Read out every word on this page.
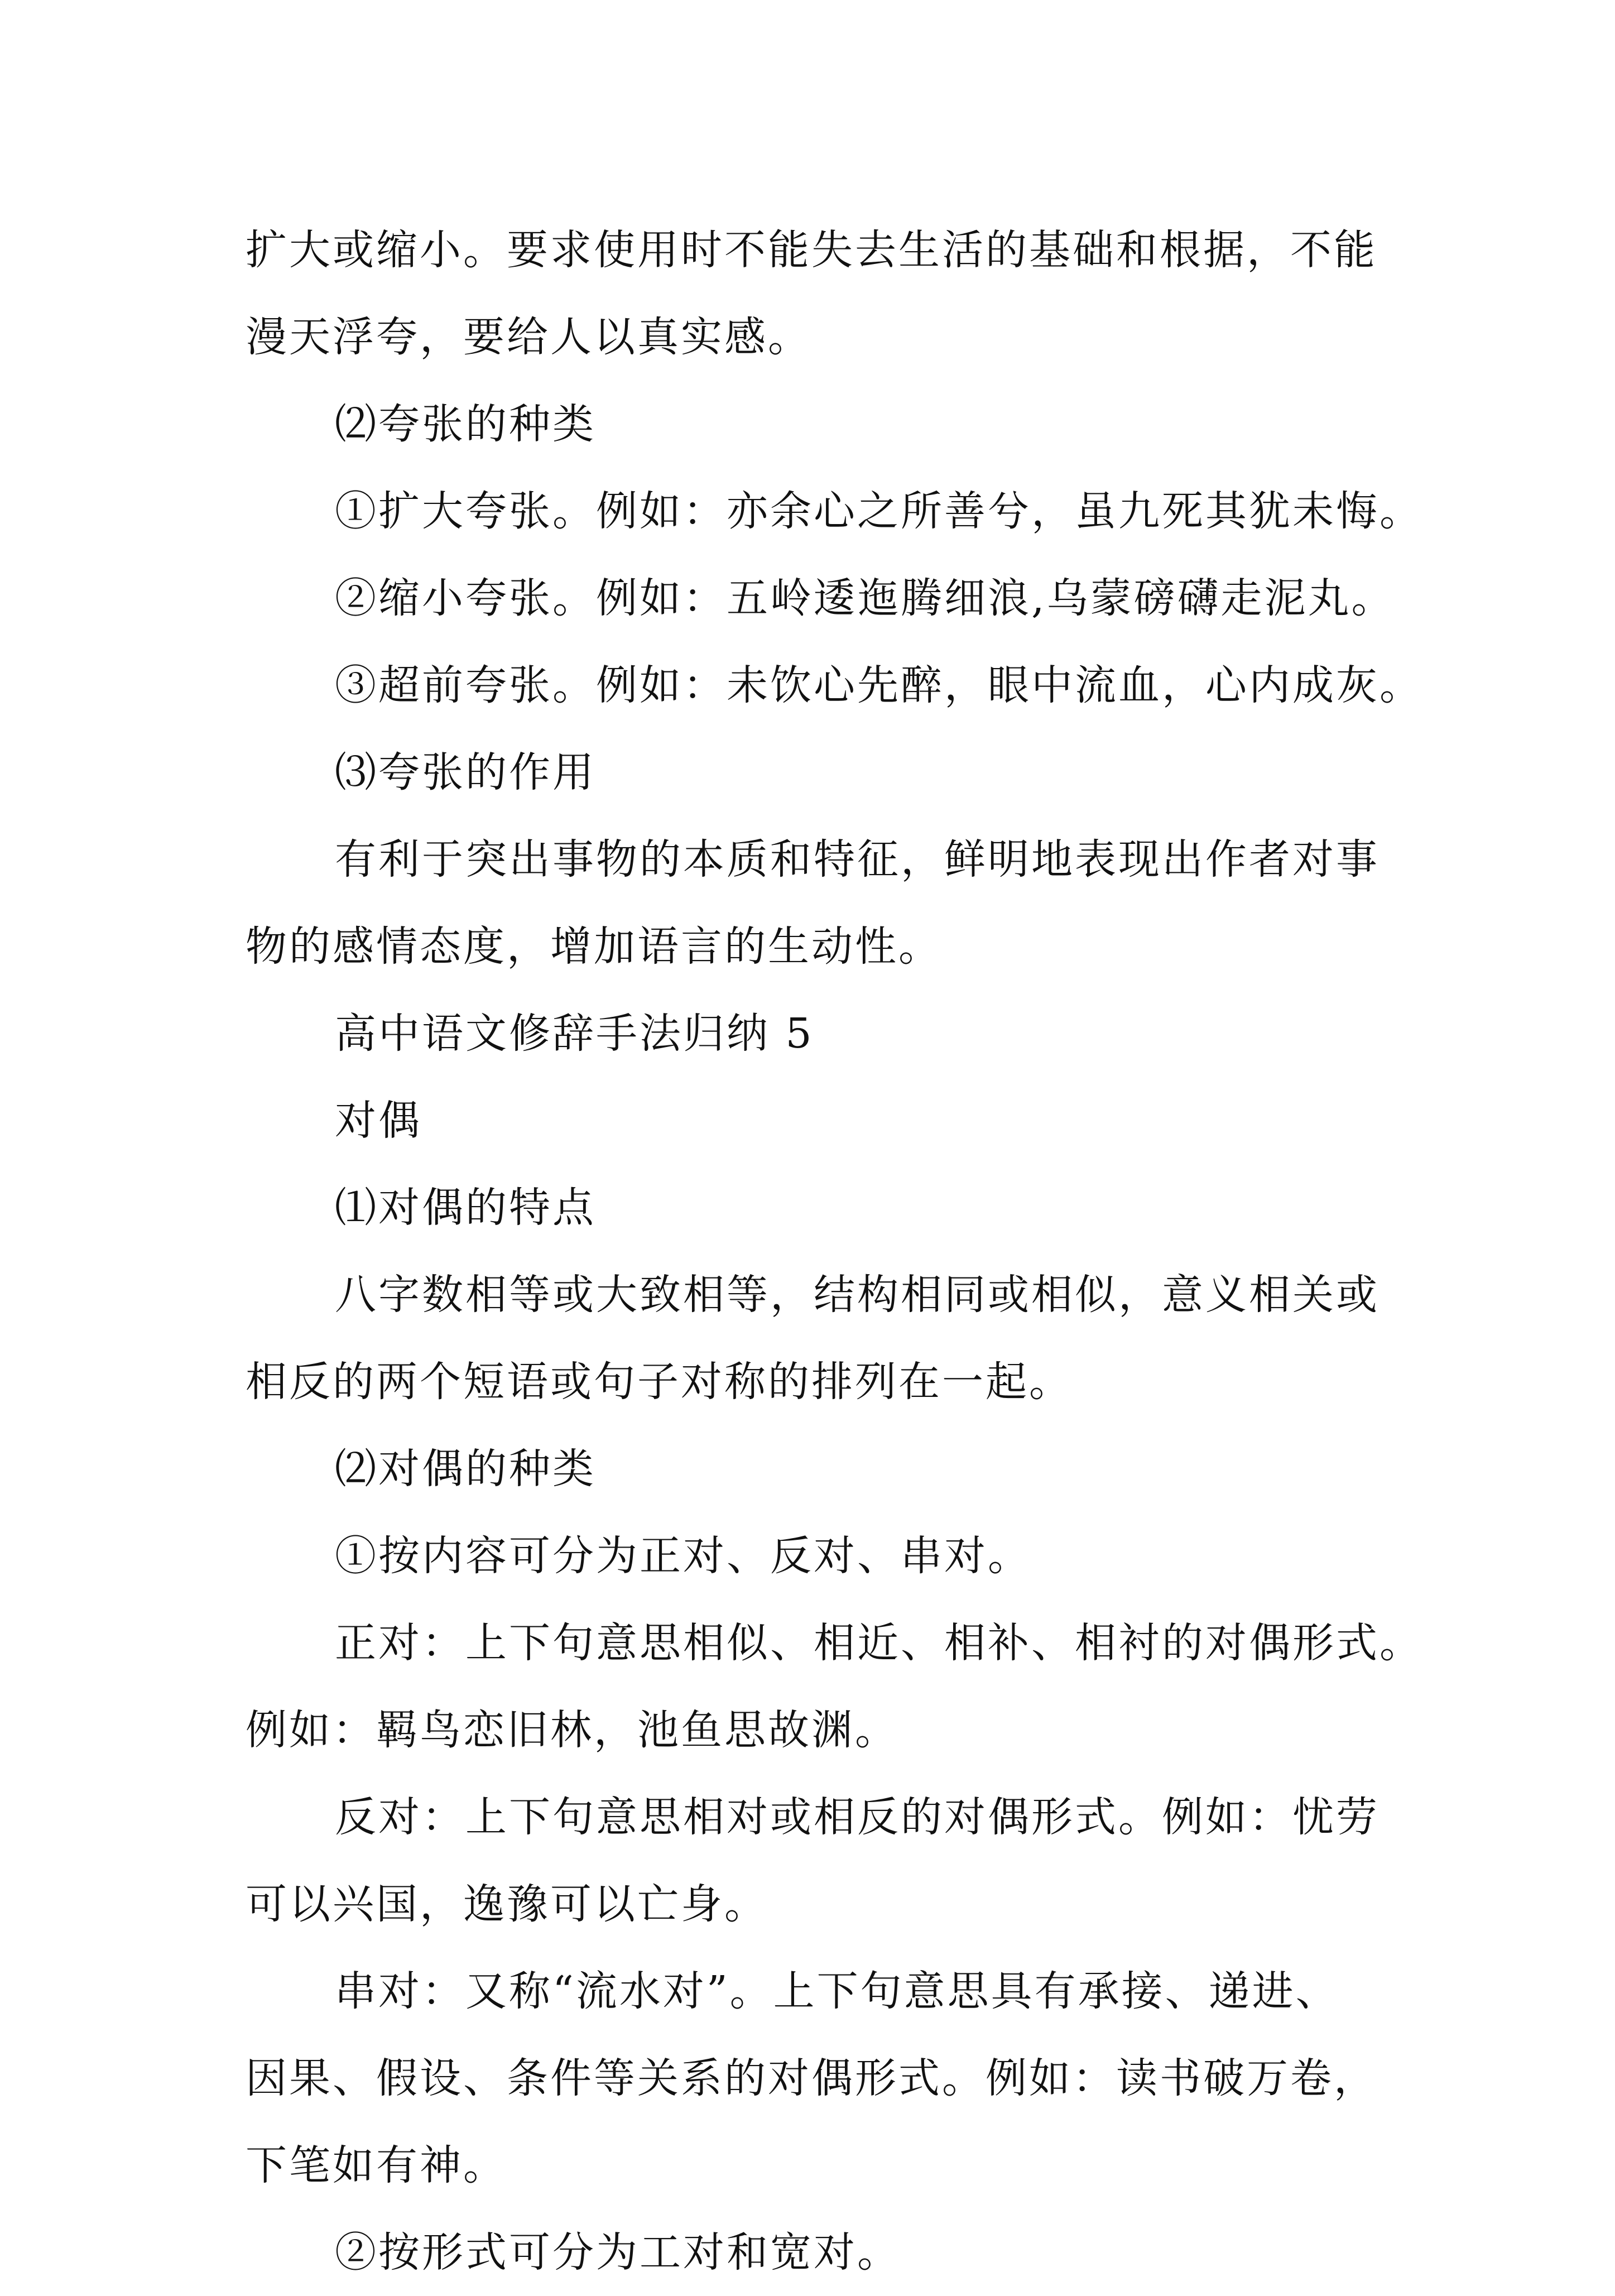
扩大或缩小。要求使用时不能失去生活的基础和根据，不能
漫天浮夸，要给人以真实感。

⑵夸张的种类

①扩大夸张。例如：亦余心之所善兮，虽九死其犹未悔。

②缩小夸张。例如：五岭逶迤腾细浪,乌蒙磅礴走泥丸。

③超前夸张。例如：未饮心先醉，眼中流血，心内成灰。

⑶夸张的作用

有利于突出事物的本质和特征，鲜明地表现出作者对事
物的感情态度，增加语言的生动性。

高中语文修辞手法归纳 5

对偶

⑴对偶的特点

八字数相等或大致相等，结构相同或相似，意义相关或
相反的两个短语或句子对称的排列在一起。

⑵对偶的种类

①按内容可分为正对、反对、串对。

正对：上下句意思相似、相近、相补、相衬的对偶形式。
例如：羁鸟恋旧林，池鱼思故渊。

反对：上下句意思相对或相反的对偶形式。例如：忧劳
可以兴国，逸豫可以亡身。

串对：又称“流水对”。上下句意思具有承接、递进、
因果、假设、条件等关系的对偶形式。例如：读书破万卷，
下笔如有神。

②按形式可分为工对和宽对。
